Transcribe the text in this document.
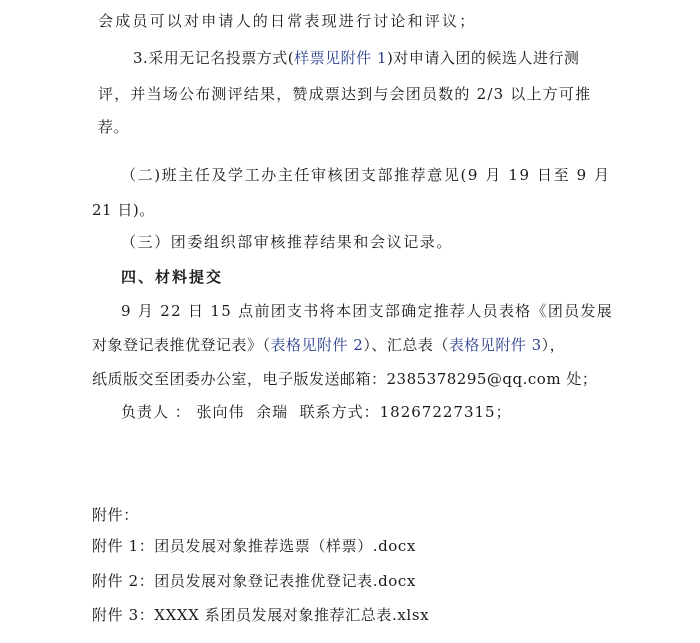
会成员可以对申请人的日常表现进行讨论和评议；
3.采用无记名投票方式(样票见附件 1)对申请入团的候选人进行测
评，并当场公布测评结果，赞成票达到与会团员数的 2/3 以上方可推
荐。
（二)班主任及学工办主任审核团支部推荐意见(9 月 19 日至 9 月
21 日)。
（三）团委组织部审核推荐结果和会议记录。
四、材料提交
9 月 22 日 15 点前团支书将本团支部确定推荐人员表格《团员发展
对象登记表推优登记表》（表格见附件 2）、汇总表（表格见附件 3），
纸质版交至团委办公室，电子版发送邮箱：2385378295@qq.com 处；
负责人 ： 张向伟  余瑞  联系方式：18267227315；
附件：
附件 1：团员发展对象推荐选票（样票）.docx
附件 2：团员发展对象登记表推优登记表.docx
附件 3：XXXX 系团员发展对象推荐汇总表.xlsx
